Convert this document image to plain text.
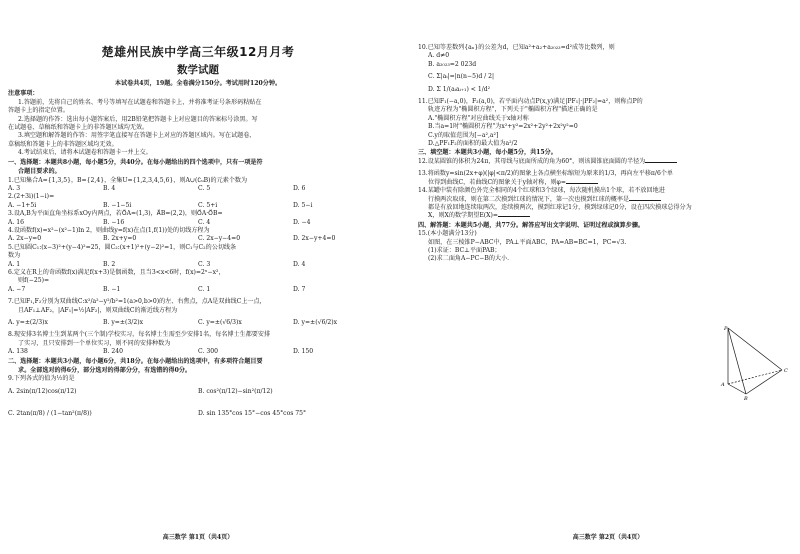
楚雄州民族中学高三年级12月月考
数学试题
本试卷共4页，19题。全卷满分150分。考试用时120分钟。
注意事项：
1.答题前，先将自己的姓名、考号等填写在试题卷和答题卡上，并将准考证号条形码粘贴在
答题卡上的指定位置。
2.选择题的作答：选出每小题答案后，用2B铅笔把答题卡上对应题目的答案标号涂黑。写
在试题卷、草稿纸和答题卡上的非答题区域均无效。
3.填空题和解答题的作答：用签字笔直接写在答题卡上对应的答题区域内。写在试题卷、
草稿纸和答题卡上的非答题区域均无效。
4.考试结束后，请将本试题卷和答题卡一并上交。
一、选择题：本题共8小题，每小题5分，共40分。在每小题给出的四个选项中，只有一项是符
合题目要求的。
1.已知集合A={1,3,5}，B={2,4}，全集U={1,2,3,4,5,6}，则A∪(∁ᵤB)的元素个数为
A. 3	B. 4	C. 5	D. 6
2.(2+3i)(1−i)=
A. −1+5i	B. −1−5i	C. 5+i	D. 5−i
3.设A,B为平面直角坐标系xOy内两点，若O⃗A=(1,3)，A⃗B=(2,2)，则O⃗A·O⃗B=
A. 16	B. −16	C. 4	D. −4
4.设函数f(x)=x²−(x²−1)ln 2，则曲线y=f(x)在点(1,f(1))处的切线方程为
A. 2x−y=0	B. 2x+y=0	C. 2x−y−4=0	D. 2x−y+4=0
5.已知圆C₁:(x−3)²+(y−4)²=25，圆C₂:(x+1)²+(y−2)²=1，则C₁与C₂的公切线条
数为
A. 1	B. 2	C. 3	D. 4
6.定义在R上的奇函数f(x)满足f(x+3)是偶函数，且当3<x<6时，f(x)=2ˣ−x²，
则f(−25)=
A. −7	B. −1	C. 1	D. 7
7.已知F₁,F₂分别为双曲线C:x²/a²−y²/b²=1(a>0,b>0)的左、右焦点，点A是双曲线C上一点，
且AF₁⊥AF₂，|AF₁|=½|AF₂|，则双曲线C的渐近线方程为
A. y=±(2/3)x	B. y=±(3/2)x	C. y=±(√6/3)x	D. y=±(√6/2)x
8.现安排3名博士生到某两个(三个制)学校实习，每名博士生需至少安排1名，每名博士生都要安排
了实习，且只安排到一个单位实习，则不同的安排种数为
A. 138	B. 240	C. 300	D. 150
二、选择题：本题共3小题，每小题6分，共18分。在每小题给出的选项中，有多项符合题目要
求。全部选对的得6分，部分选对的得部分分，有选错的得0分。
9.下列各式的值为½的是
A. 2sin(π/12)cos(π/12)	B. cos²(π/12)−sin²(π/12)
C. 2tan(π/8) / (1−tan²(π/8))	D. sin 135°cos 15°−cos 45°cos 75°
高三数学 第1页（共4页）
10.已知等差数列{aₙ}的公差为d，已知a²+a₂+a₂₀₂₃=d²成等比数列，则
A. d≠0
B. a₂₀₂₃=2 023d
C. Σ|aᵢ|=|n(n−5)d / 2|
D. Σ 1/(aᵢaᵢ₊₁) < 1/d²
11.已知F₁(−a,0)，F₂(a,0)，若平面内动点P(x,y)满足|PF₁|·|PF₂|=a²，则称点P的
轨迹方程为"椭圆积方程"，下列关于"椭圆积方程"描述正确的是
A."椭圆积方程"对应曲线关于x轴对称
B.当a=1时"椭圆积方程"为x²+y²=2x²+2y²+2x²y²=0
C.y的取值范围为[−a²,a²]
D.△PF₁F₂的面积的最大值为a²/2
三、填空题：本题共3小题，每小题5分，共15分。
12.设某圆锥的体积为24π，其母线与底面所成的角为60°，则该圆锥底面圆的半径为
13.将函数y=sin(2x+φ)(|φ|<π/2)的图象上各点横坐标缩短为原来的1/3，再向左平移π/6个单
位得到曲线C，若曲线C的图象关于y轴对称，则φ=
14.某罐中装有除颜色外完全相同的4个红球和3个绿球，每次随机摸出1个球，若不放回地进
行摸两次取球，则在第二次摸到红球的情况下，第一次也摸到红球的概率是
都是有放回地连续取两次，连续摸两次，摸到红球记1分，摸到绿球记0分，设在四次摸球总得分为
X，则X的数学期望E(X)=
四、解答题：本题共5小题，共77分。解答应写出文字说明、证明过程或演算步骤。
15.(本小题满分13分)
如图，在三棱锥P−ABC中，PA⊥平面ABC，PA=AB=BC=1，PC=√3.
(1)求证：BC⊥平面PAB；
(2)求二面角A−PC−B的大小.
P
A
B
C
高三数学 第2页（共4页）
